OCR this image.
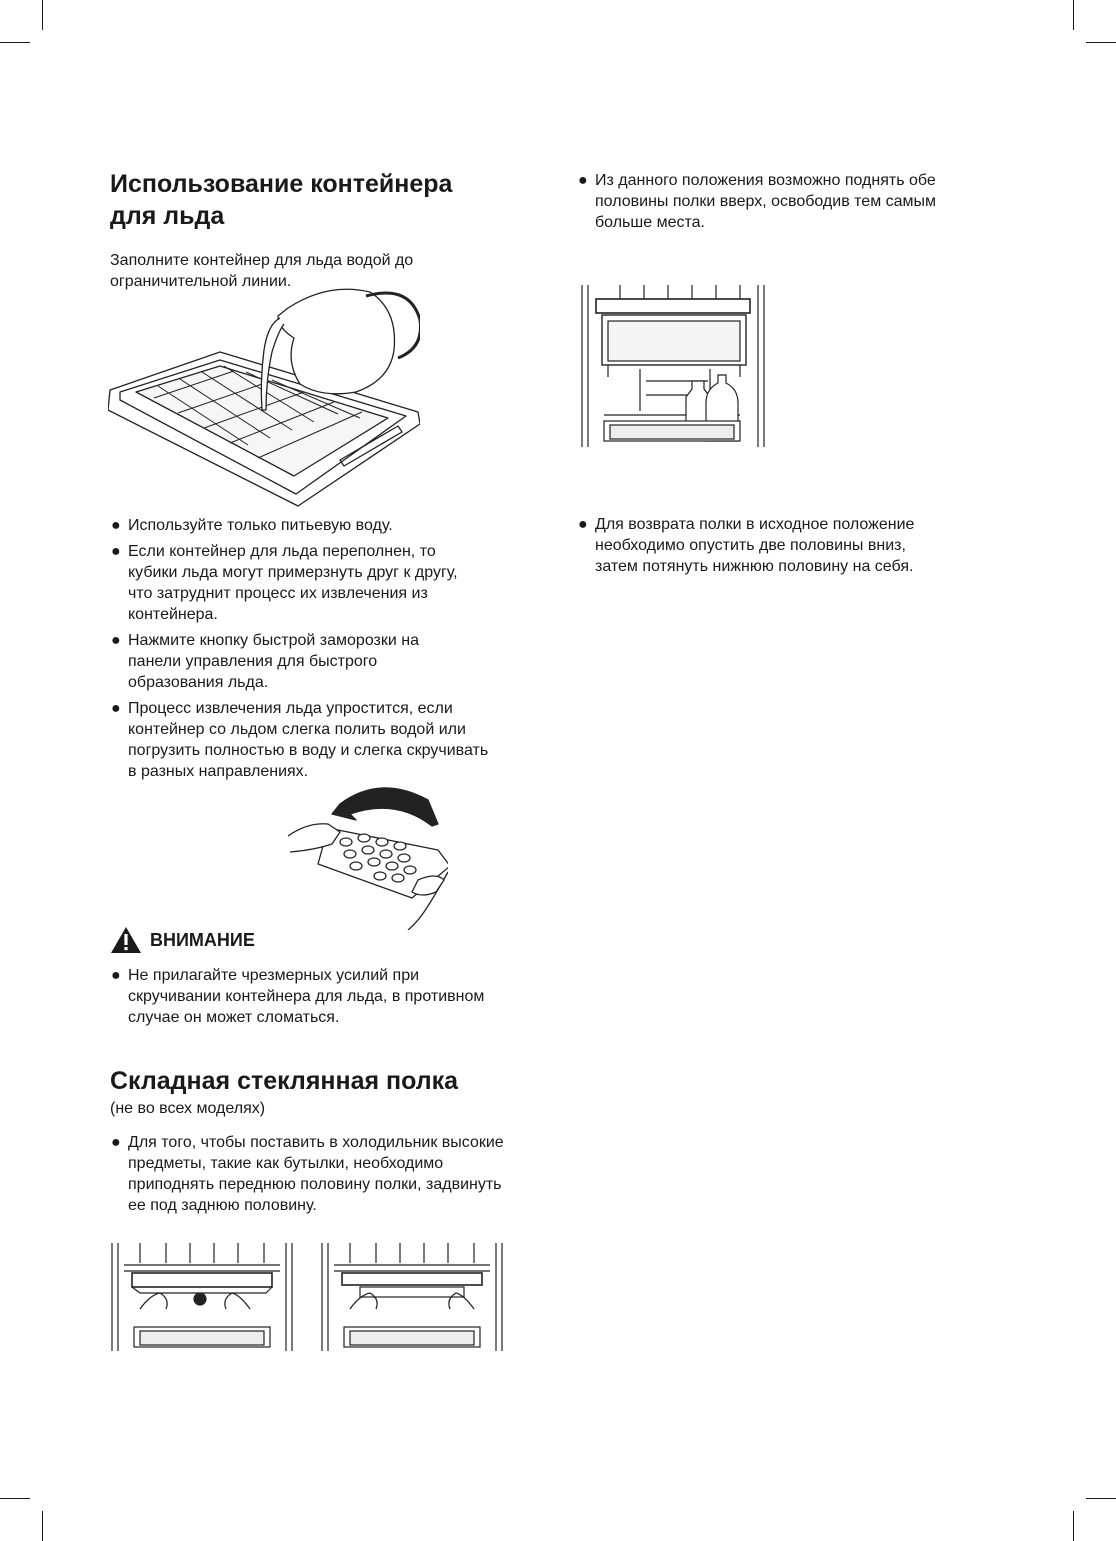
Использование контейнера
для льда

Заполните контейнер для льда водой до
ограничительной линии.

● Используйте только питьевую воду.
● Если контейнер для льда переполнен, то
кубики льда могут примерзнуть друг к другу,
что затруднит процесс их извлечения из
контейнера.
● Нажмите кнопку быстрой заморозки на
панели управления для быстрого
образования льда.
● Процесс извлечения льда упростится, если
контейнер со льдом слегка полить водой или
погрузить полностью в воду и слегка скручивать
в разных направлениях.
ВНИМАНИЕ
● Не прилагайте чрезмерных усилий при
скручивании контейнера для льда, в противном
случае он может сломаться.
Складная стеклянная полка

(не во всех моделях)

● Для того, чтобы поставить в холодильник высокие
предметы, такие как бутылки, необходимо
приподнять переднюю половину полки, задвинуть
ее под заднюю половину.
● Из данного положения возможно поднять обе
половины полки вверх, освободив тем самым
больше места.
● Для возврата полки в исходное положение
необходимо опустить две половины вниз,
затем потянуть нижнюю половину на себя.
